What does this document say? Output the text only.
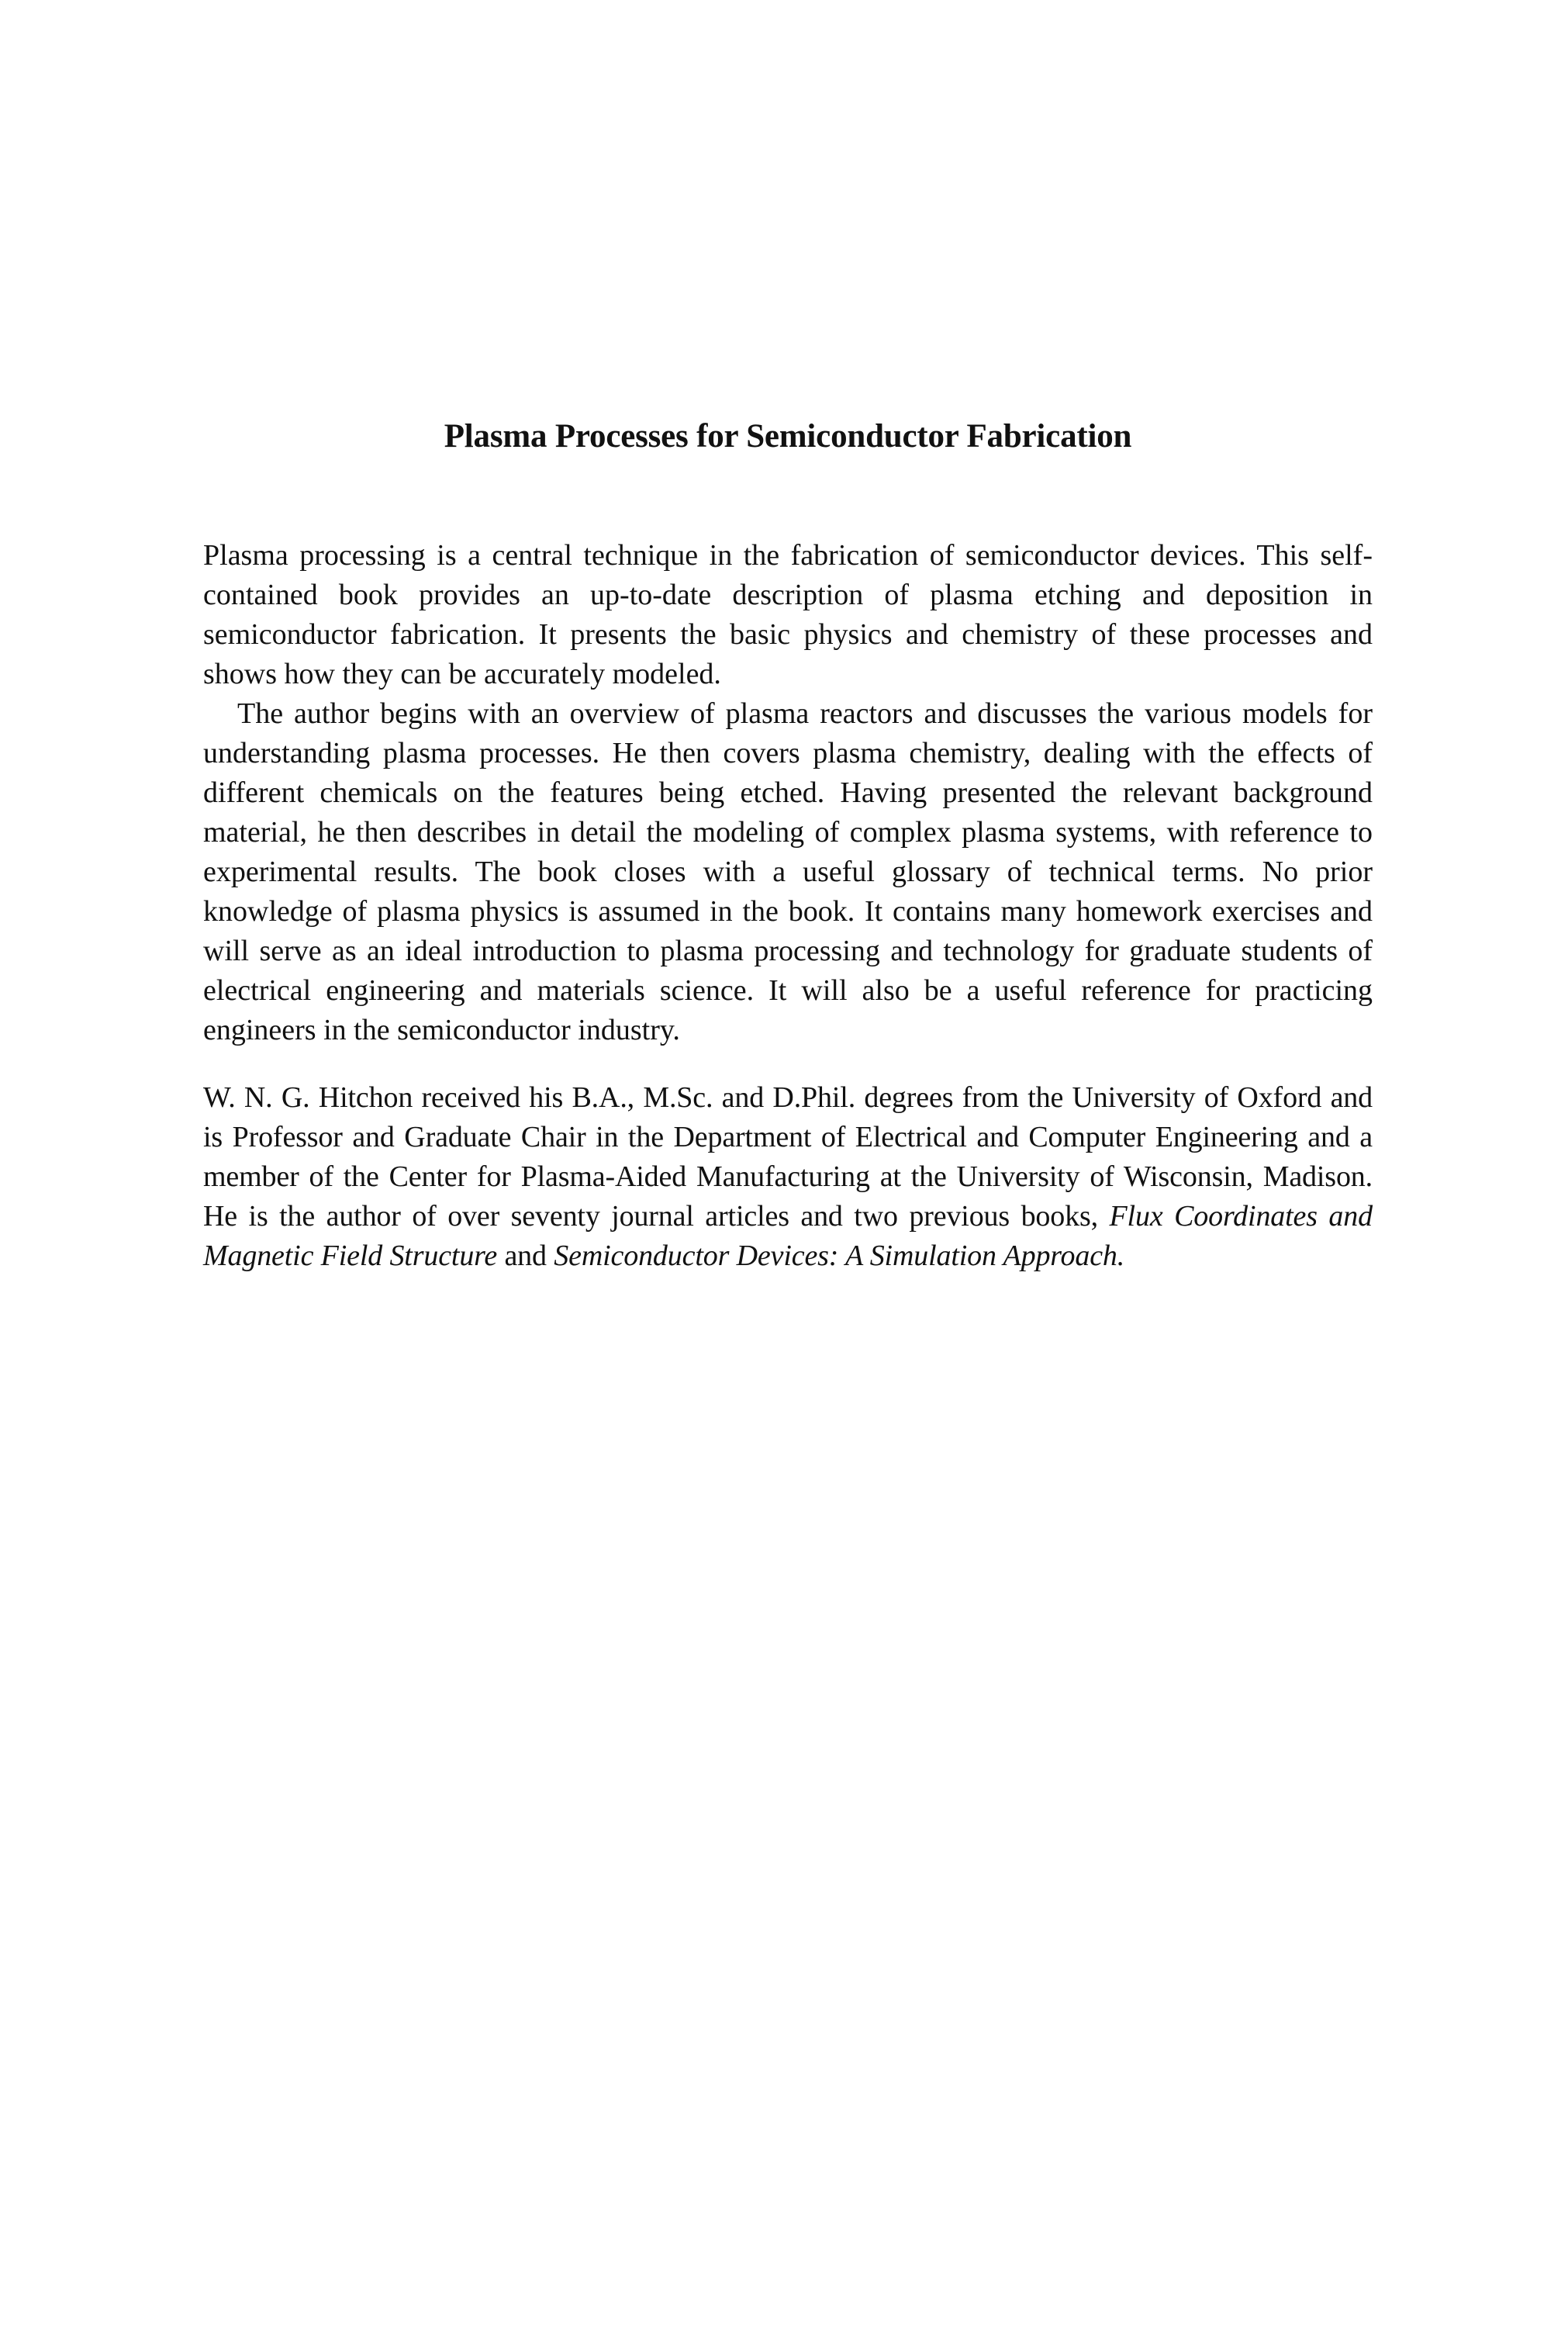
Plasma Processes for Semiconductor Fabrication

Plasma processing is a central technique in the fabrication of semiconductor devices. This self-contained book provides an up-to-date description of plasma etching and deposition in semiconductor fabrication. It presents the basic physics and chemistry of these processes and shows how they can be accurately modeled.

The author begins with an overview of plasma reactors and discusses the various models for understanding plasma processes. He then covers plasma chemistry, dealing with the effects of different chemicals on the features being etched. Having presented the relevant background material, he then describes in detail the modeling of complex plasma systems, with reference to experimental results. The book closes with a useful glossary of technical terms. No prior knowledge of plasma physics is assumed in the book. It contains many homework exercises and will serve as an ideal introduction to plasma processing and technology for graduate students of electrical engineering and materials science. It will also be a useful reference for practicing engineers in the semiconductor industry.

W. N. G. Hitchon received his B.A., M.Sc. and D.Phil. degrees from the University of Oxford and is Professor and Graduate Chair in the Department of Electrical and Computer Engineering and a member of the Center for Plasma-Aided Manufacturing at the University of Wisconsin, Madison. He is the author of over seventy journal articles and two previous books, Flux Coordinates and Magnetic Field Structure and Semiconductor Devices: A Simulation Approach.
